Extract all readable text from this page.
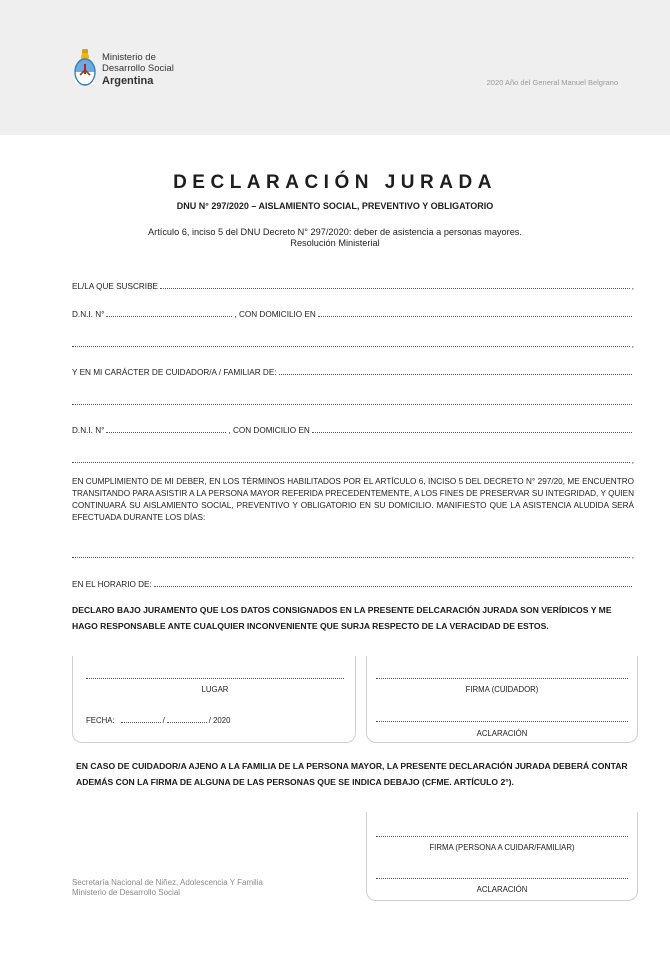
Ministerio de
Desarrollo Social
Argentina	2020 Año del General Manuel Belgrano
DECLARACIÓN JURADA
DNU N° 297/2020 – AISLAMIENTO SOCIAL, PREVENTIVO Y OBLIGATORIO
Artículo 6, inciso 5 del DNU Decreto N° 297/2020: deber de asistencia a personas mayores.
Resolución Ministerial
EL/LA QUE SUSCRIBE	,
D.N.I. N°	, CON DOMICILIO EN
,
Y EN MI CARÁCTER DE CUIDADOR/A / FAMILIAR DE:
D.N.I. N°	, CON DOMICILIO EN
,
EN CUMPLIMIENTO DE MI DEBER, EN LOS TÉRMINOS HABILITADOS POR EL ARTÍCULO 6, INCISO 5 DEL DECRETO N° 297/20, ME ENCUENTRO TRANSITANDO PARA ASISTIR A LA PERSONA MAYOR REFERIDA PRECEDENTEMENTE, A LOS FINES DE PRESERVAR SU INTEGRIDAD, Y QUIEN CONTINUARÁ SU AISLAMIENTO SOCIAL, PREVENTIVO Y OBLIGATORIO EN SU DOMICILIO. MANIFIESTO QUE LA ASISTENCIA ALUDIDA SERÁ EFECTUADA DURANTE LOS DÍAS:
,
EN EL HORARIO DE:
DECLARO BAJO JURAMENTO QUE LOS DATOS CONSIGNADOS EN LA PRESENTE DELCARACIÓN JURADA SON VERÍDICOS Y ME HAGO RESPONSABLE ANTE CUALQUIER INCONVENIENTE QUE SURJA RESPECTO DE LA VERACIDAD DE ESTOS.
LUGAR
FECHA:	/	/ 2020
FIRMA (CUIDADOR)
ACLARACIÓN
EN CASO DE CUIDADOR/A AJENO A LA FAMILIA DE LA PERSONA MAYOR, LA PRESENTE DECLARACIÓN JURADA DEBERÁ CONTAR ADEMÁS CON LA FIRMA DE ALGUNA DE LAS PERSONAS QUE SE INDICA DEBAJO (CFME. ARTÍCULO 2°).
FIRMA (PERSONA A CUIDAR/FAMILIAR)
ACLARACIÓN
Secretaría Nacional de Niñez, Adolescencia Y Familia
Ministerio de Desarrollo Social
